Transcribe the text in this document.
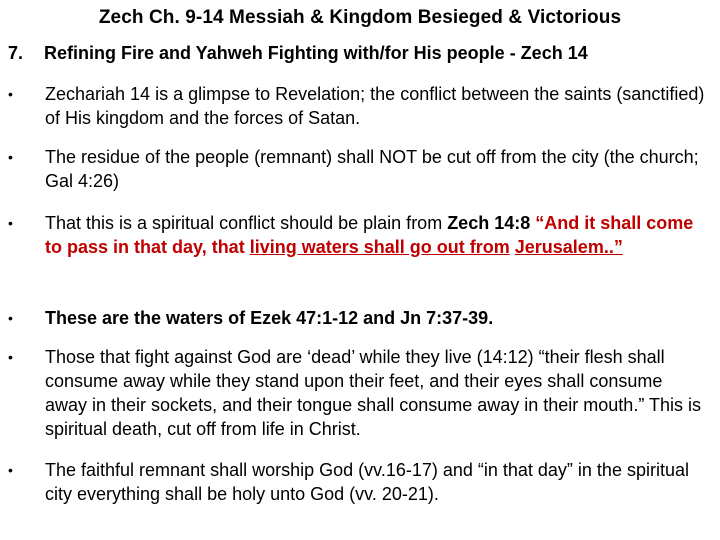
Zech Ch. 9-14 Messiah & Kingdom Besieged & Victorious
7. Refining Fire and Yahweh Fighting with/for His people - Zech 14
•	Zechariah 14 is a glimpse to Revelation; the conflict between the saints (sanctified) of His kingdom and the forces of Satan.
•	The residue of the people (remnant) shall NOT be cut off from the city (the church; Gal 4:26)
•	That this is a spiritual conflict should be plain from Zech 14:8 “And it shall come to pass in that day, that living waters shall go out from Jerusalem..”
•	These are the waters of Ezek 47:1-12 and Jn 7:37-39.
•	Those that fight against God are ‘dead’ while they live (14:12) “their flesh shall consume away while they stand upon their feet, and their eyes shall consume away in their sockets, and their tongue shall consume away in their mouth.” This is spiritual death, cut off from life in Christ.
•	The faithful remnant shall worship God (vv.16-17) and “in that day” in the spiritual city everything shall be holy unto God (vv. 20-21).
